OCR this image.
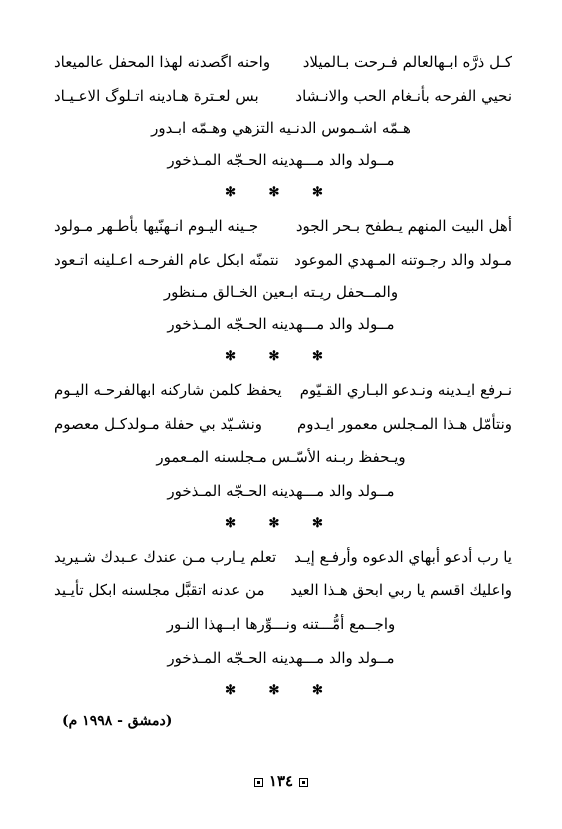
كـل ذرَّه ابـهالعالم فـرحت بـالميلاد
واحنه اگصدنه لهذا المحفل عالميعاد
نحيي الفرحه بأنـغام الحب والانـشاد
بس لعـترة هـادينه اتـلوگ الاعـيـاد
هـمّه اشـموس الدنـيه التزهي وهـمّه ابـدور
مــولد والد مـــهدينه الحـجّه المـذخور
✻ ✻ ✻
أهل البيت المنهم يـطفح بـحر الجود
جـينه اليـوم انـهنّيها بأطـهر مـولود
مـولد والد رجـوتنه المـهدي الموعود
نتمنّه ابكل عام الفرحـه اعـلينه اتـعود
والمــحفل ريـته ابـعين الخـالق مـنظور
مــولد والد مـــهدينه الحـجّه المـذخور
✻ ✻ ✻
نـرفع ايـدينه ونـدعو البـاري القـيّوم
يحفظ كلمن شاركنه ابهالفرحـه اليـوم
ونتأمّل هـذا المـجلس معمور ايـدوم
ونشـيّد بي حفلة مـولدكـل معصوم
ويـحفظ ربـنه الأسّـس مـجلسنه المـعمور
مــولد والد مـــهدينه الحـجّه المـذخور
✻ ✻ ✻
يا رب أدعو أبهاي الدعوه وأرفـع إيـد
تعلم يـارب مـن عندك عـبدك شـيريد
واعليك اقسم يا ربي ابحق هـذا العيد
من عدنه اتقبَّل مجلسنه ابكل تأيـيد
واجــمع أمُّـــتنه ونـــوِّرها ابــهذا النـور
مــولد والد مـــهدينه الحـجّه المـذخور
✻ ✻ ✻
(دمشق - ١٩٩٨ م)
١٣٤
